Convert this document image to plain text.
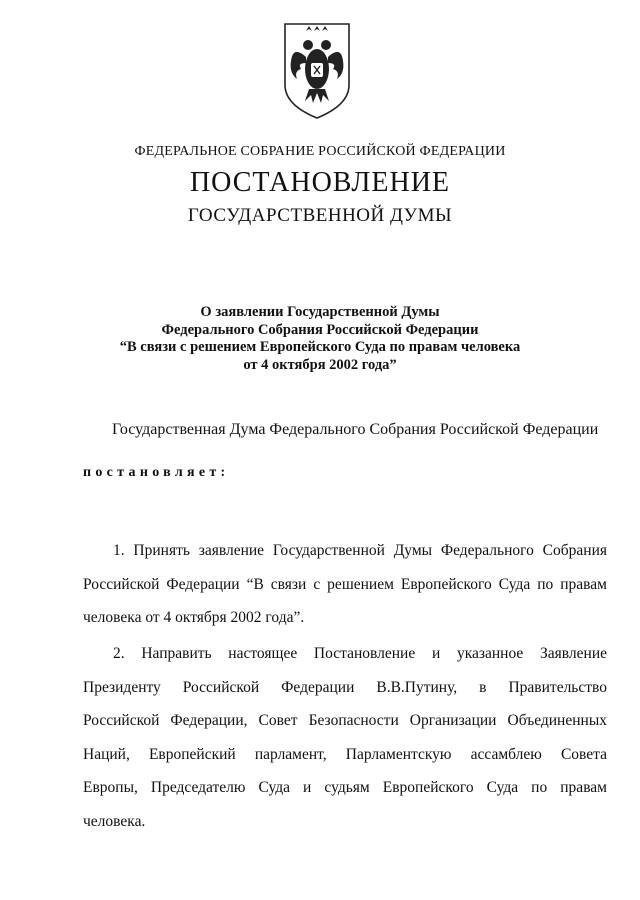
ФЕДЕРАЛЬНОЕ СОБРАНИЕ РОССИЙСКОЙ ФЕДЕРАЦИИ
ПОСТАНОВЛЕНИЕ
ГОСУДАРСТВЕННОЙ ДУМЫ
О заявлении Государственной Думы
Федерального Собрания Российской Федерации
“В связи с решением Европейского Суда по правам человека
от 4 октября 2002 года”
Государственная Дума Федерального Собрания Российской Федерации
постановляет:
1. Принять заявление Государственной Думы Федерального Собрания
Российской Федерации “В связи с решением Европейского Суда по правам
человека от 4 октября 2002 года”.
2. Направить настоящее Постановление и указанное Заявление
Президенту Российской Федерации В.В.Путину, в Правительство
Российской Федерации, Совет Безопасности Организации Объединенных
Наций, Европейский парламент, Парламентскую ассамблею Совета
Европы, Председателю Суда и судьям Европейского Суда по правам
человека.
